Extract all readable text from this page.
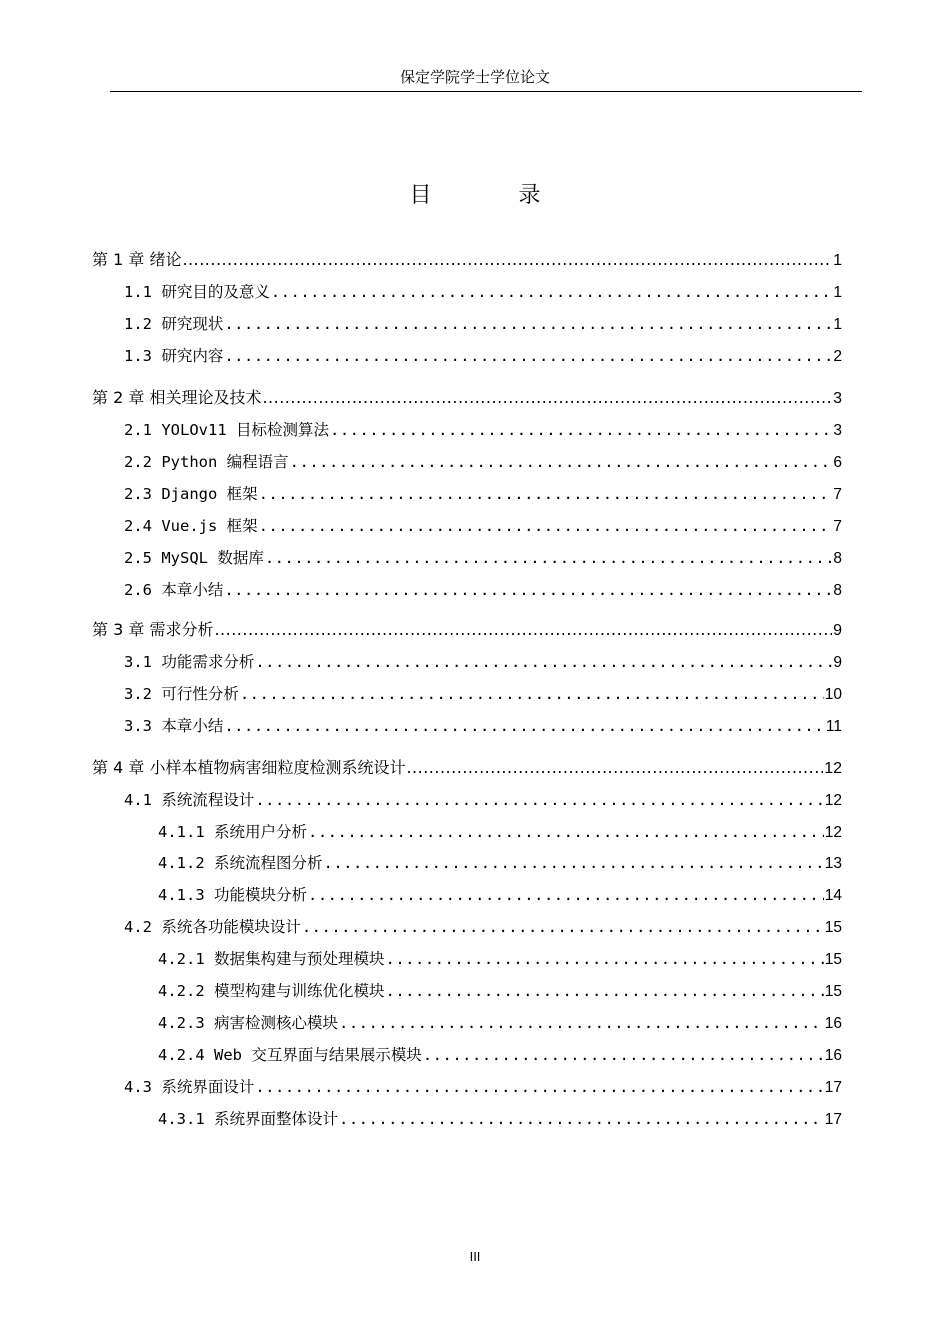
保定学院学士学位论文
目 录
第 1 章 绪论 .....	1
1.1 研究目的及意义 .....	1
1.2 研究现状 .....	1
1.3 研究内容 .....	2
第 2 章 相关理论及技术 .....	3
2.1 YOLOv11 目标检测算法 .....	3
2.2 Python 编程语言 .....	6
2.3 Django 框架 .....	7
2.4 Vue.js 框架 .....	7
2.5 MySQL 数据库 .....	8
2.6 本章小结 .....	8
第 3 章 需求分析 .....	9
3.1 功能需求分析 .....	9
3.2 可行性分析 .....	10
3.3 本章小结 .....	11
第 4 章 小样本植物病害细粒度检测系统设计 .....	12
4.1 系统流程设计 .....	12
4.1.1 系统用户分析 .....	12
4.1.2 系统流程图分析 .....	13
4.1.3 功能模块分析 .....	14
4.2 系统各功能模块设计 .....	15
4.2.1 数据集构建与预处理模块 .....	15
4.2.2 模型构建与训练优化模块 .....	15
4.2.3 病害检测核心模块 .....	16
4.2.4 Web 交互界面与结果展示模块 .....	16
4.3 系统界面设计 .....	17
4.3.1 系统界面整体设计 .....	17
III
